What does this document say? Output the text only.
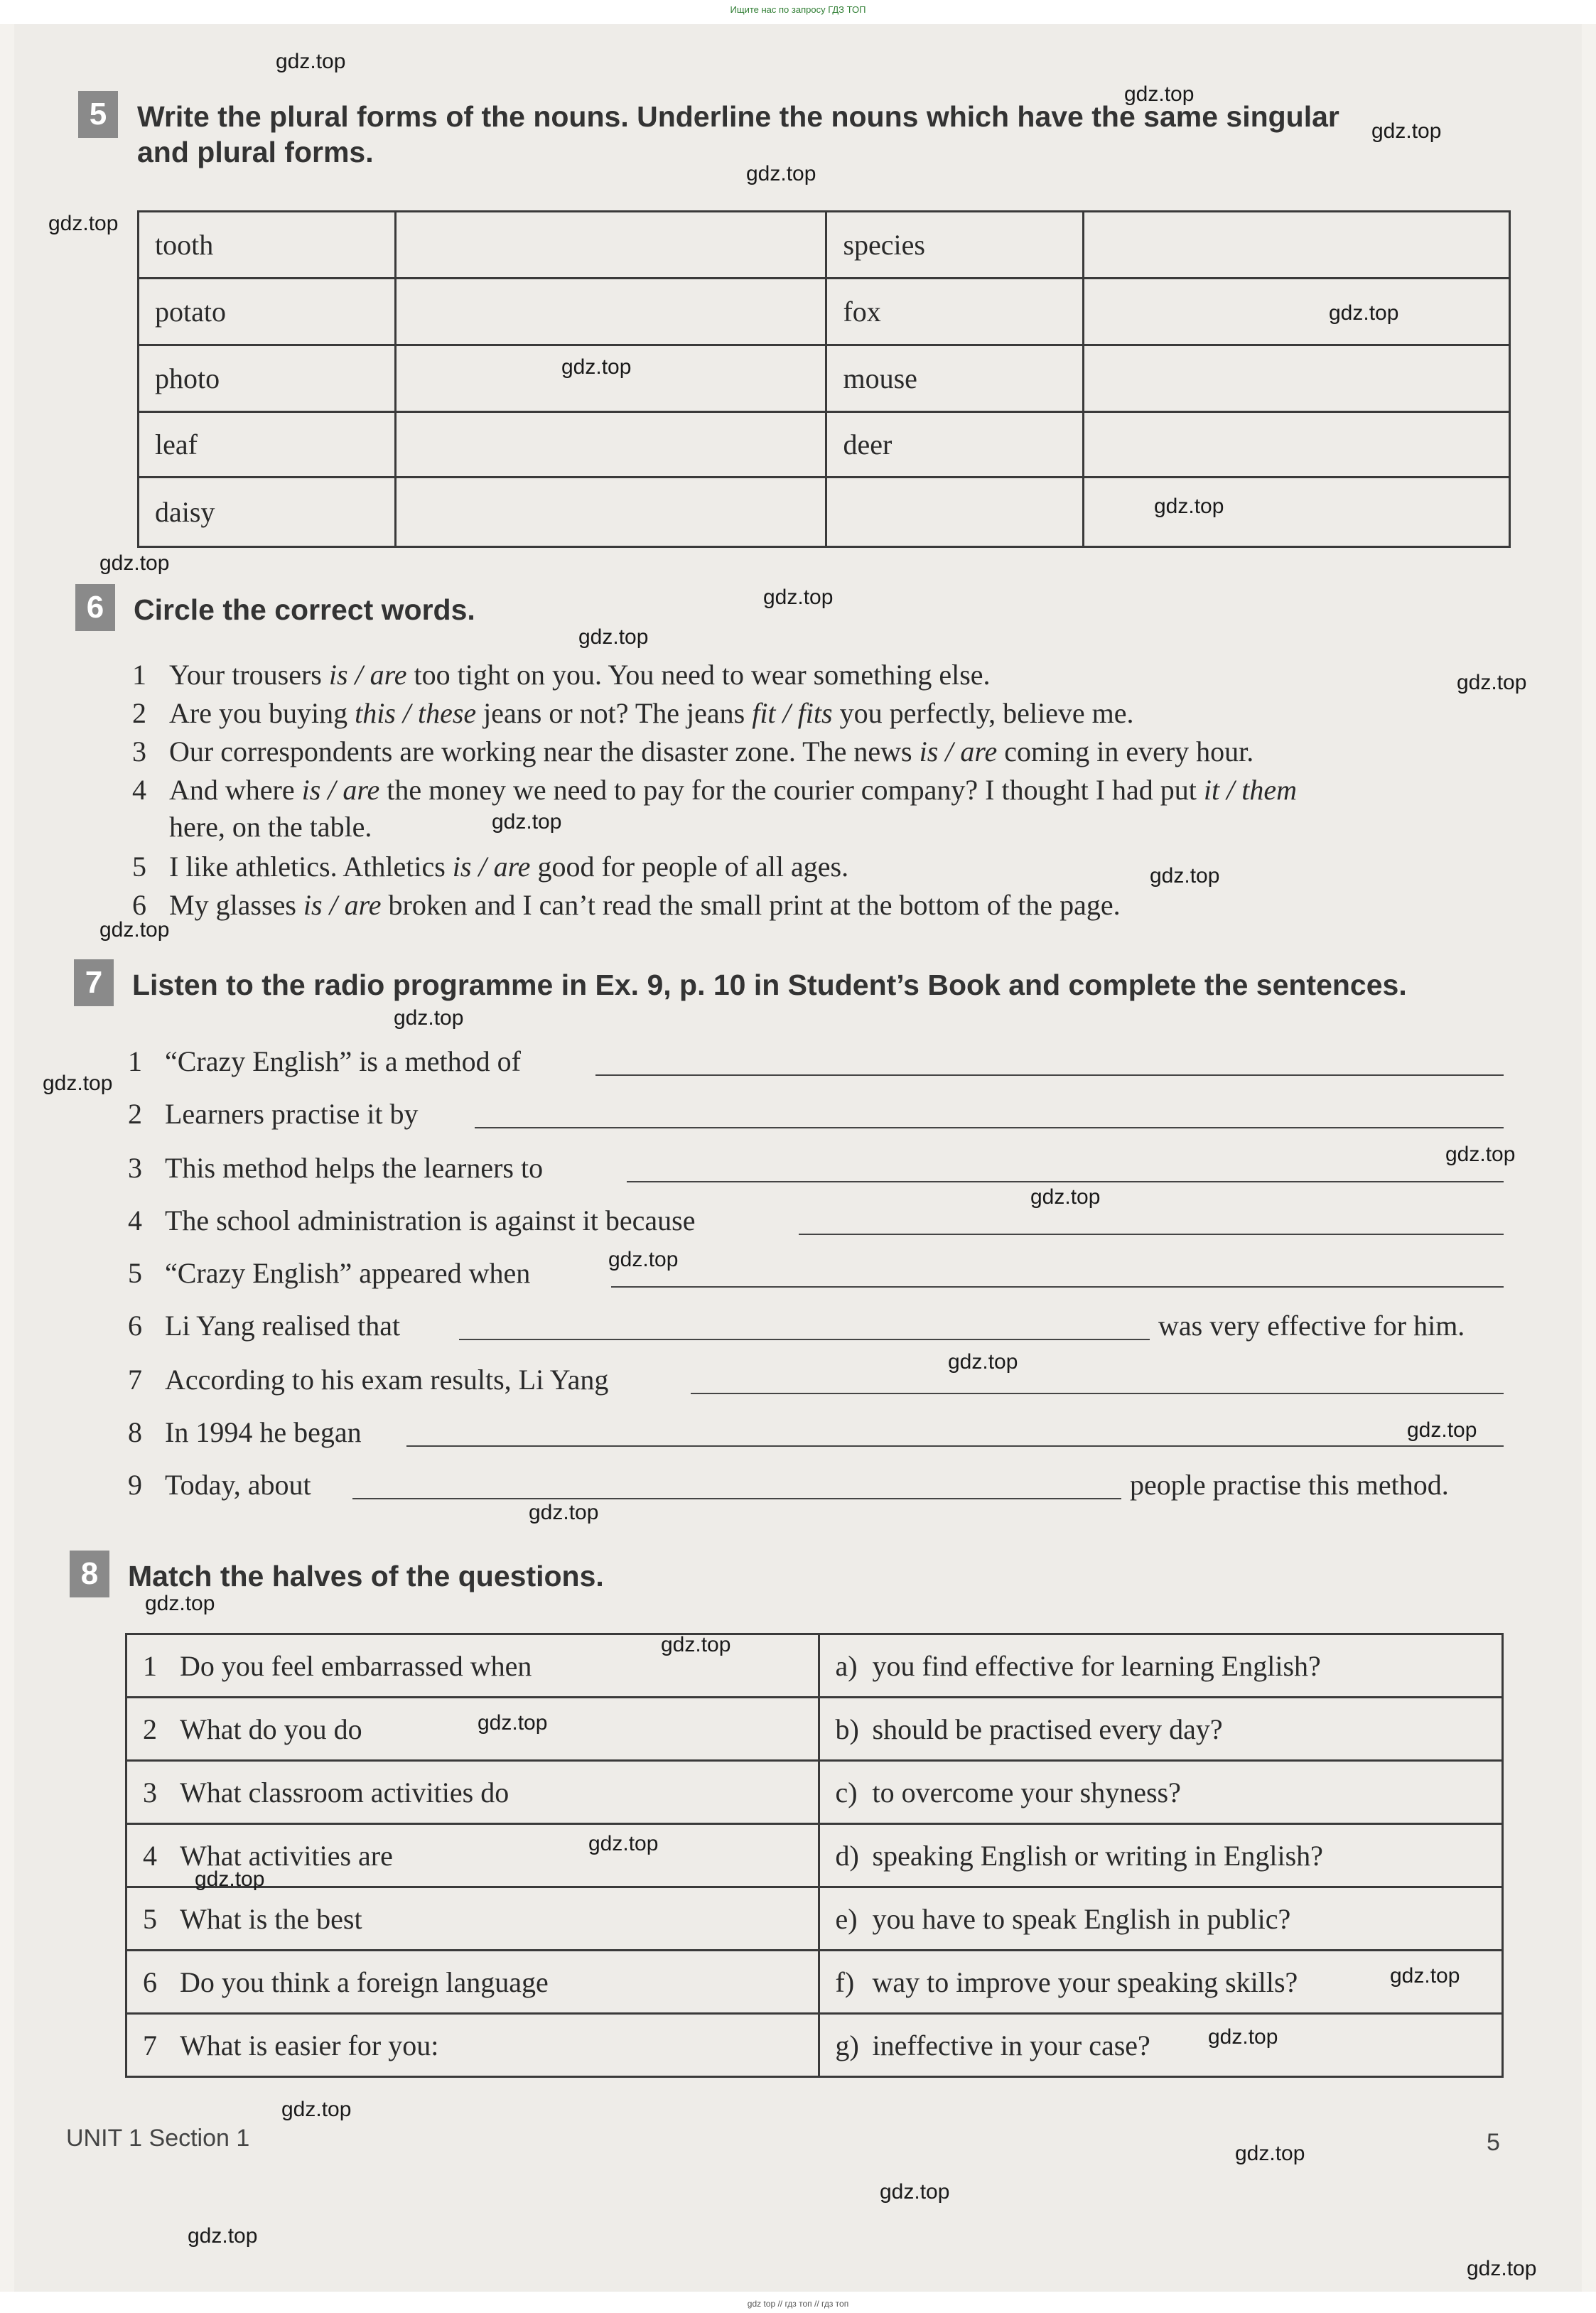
Ищите нас по запросу ГДЗ ТОП
5	Write the plural forms of the nouns. Underline the nouns which have the same singular
and plural forms.
tooth		species	
potato		fox	
photo		mouse	
leaf		deer	
daisy			
6	Circle the correct words.
1 Your trousers is / are too tight on you. You need to wear something else.
2 Are you buying this / these jeans or not? The jeans fit / fits you perfectly, believe me.
3 Our correspondents are working near the disaster zone. The news is / are coming in every hour.
4 And where is / are the money we need to pay for the courier company? I thought I had put it / them
here, on the table.
5 I like athletics. Athletics is / are good for people of all ages.
6 My glasses is / are broken and I can’t read the small print at the bottom of the page.
7	Listen to the radio programme in Ex. 9, p. 10 in Student’s Book and complete the sentences.
1 “Crazy English” is a method of
2 Learners practise it by
3 This method helps the learners to
4 The school administration is against it because
5 “Crazy English” appeared when
6 Li Yang realised that	was very effective for him.
7 According to his exam results, Li Yang
8 In 1994 he began
9 Today, about	people practise this method.
8	Match the halves of the questions.
1 Do you feel embarrassed when	a) you find effective for learning English?
2 What do you do	b) should be practised every day?
3 What classroom activities do	c) to overcome your shyness?
4 What activities are	d) speaking English or writing in English?
5 What is the best	e) you have to speak English in public?
6 Do you think a foreign language	f) way to improve your speaking skills?
7 What is easier for you:	g) ineffective in your case?
UNIT 1 Section 1	5
gdz.top
gdz.top
gdz.top
gdz.top
gdz.top
gdz.top
gdz.top
gdz.top
gdz.top
gdz.top
gdz.top
gdz.top
gdz.top
gdz.top
gdz.top
gdz.top
gdz.top
gdz.top
gdz.top
gdz.top
gdz.top
gdz.top
gdz.top
gdz.top
gdz.top
gdz.top
gdz.top
gdz.top
gdz.top
gdz.top
gdz.top
gdz.top
gdz.top
gdz.top
gdz.top
gdz top // гдз топ // гдз топ
